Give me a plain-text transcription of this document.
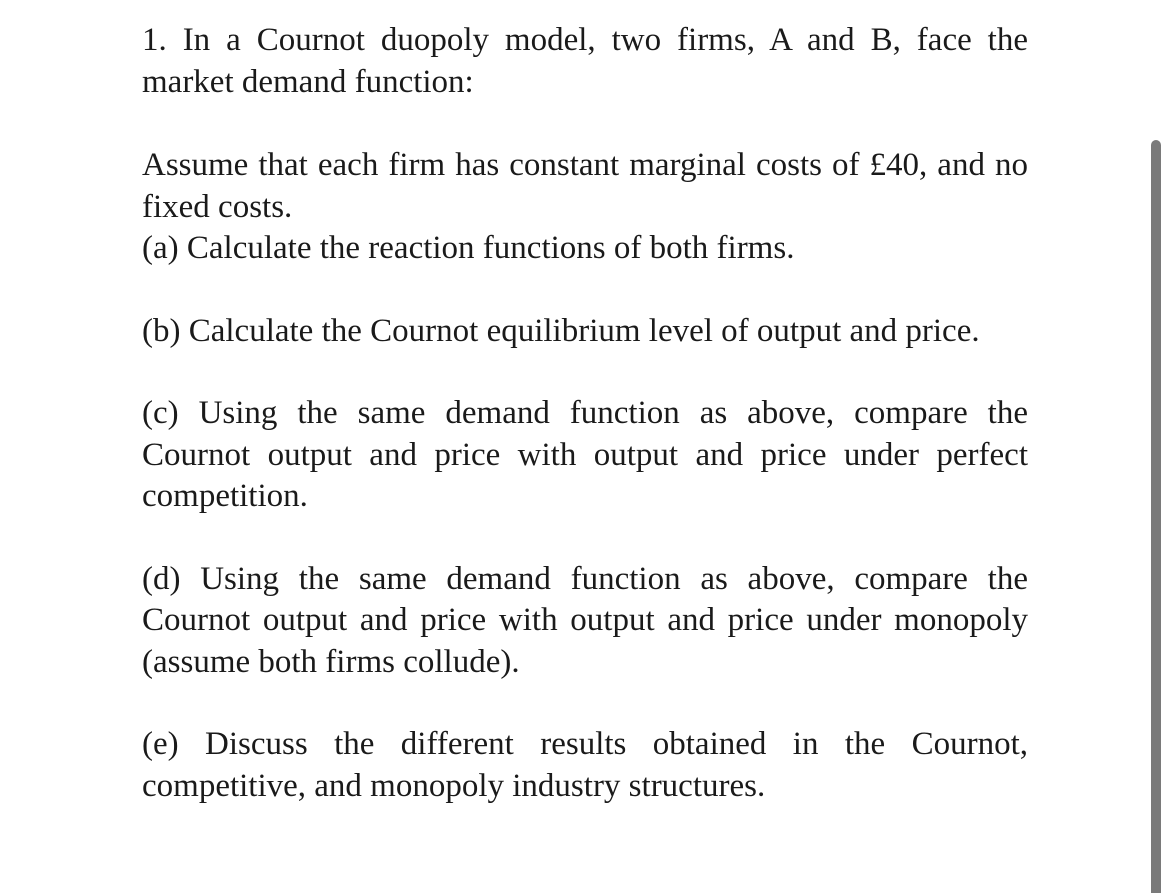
1. In a Cournot duopoly model, two firms, A and B, face the market demand function:

Assume that each firm has constant marginal costs of £40, and no fixed costs.

(a) Calculate the reaction functions of both firms.

(b) Calculate the Cournot equilibrium level of output and price.

(c) Using the same demand function as above, compare the Cournot output and price with output and price under perfect competition.

(d) Using the same demand function as above, compare the Cournot output and price with output and price under monopoly (assume both firms collude).

(e) Discuss the different results obtained in the Cournot, competitive, and monopoly industry structures.
